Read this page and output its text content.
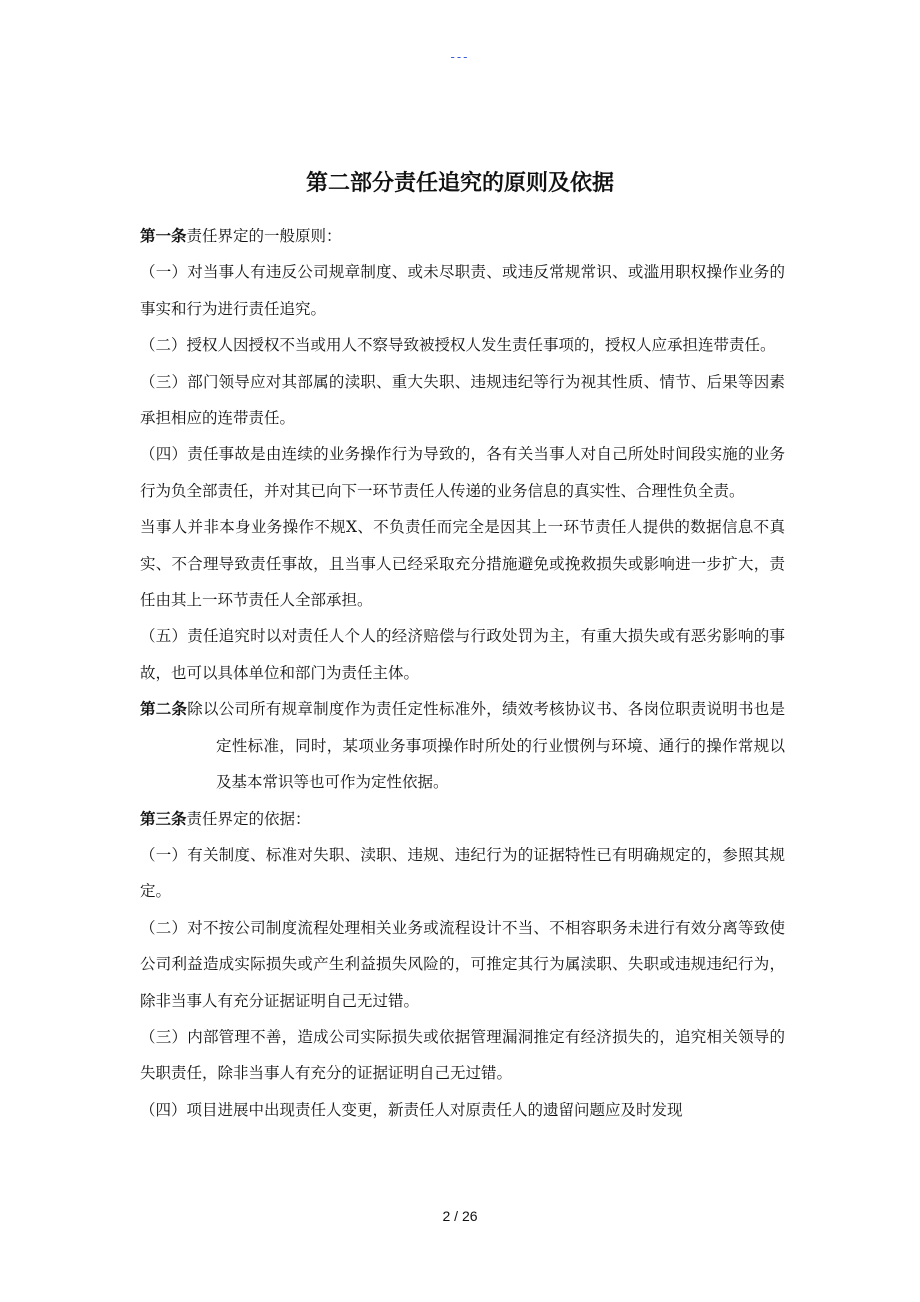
---
第二部分责任追究的原则及依据

第一条责任界定的一般原则：

（一）对当事人有违反公司规章制度、或未尽职责、或违反常规常识、或滥用职权操作业务的事实和行为进行责任追究。

（二）授权人因授权不当或用人不察导致被授权人发生责任事项的，授权人应承担连带责任。

（三）部门领导应对其部属的渎职、重大失职、违规违纪等行为视其性质、情节、后果等因素承担相应的连带责任。

（四）责任事故是由连续的业务操作行为导致的，各有关当事人对自己所处时间段实施的业务行为负全部责任，并对其已向下一环节责任人传递的业务信息的真实性、合理性负全责。

当事人并非本身业务操作不规X、不负责任而完全是因其上一环节责任人提供的数据信息不真实、不合理导致责任事故，且当事人已经采取充分措施避免或挽救损失或影响进一步扩大，责任由其上一环节责任人全部承担。

（五）责任追究时以对责任人个人的经济赔偿与行政处罚为主，有重大损失或有恶劣影响的事故，也可以具体单位和部门为责任主体。

第二条除以公司所有规章制度作为责任定性标准外，绩效考核协议书、各岗位职责说明书也是定性标准，同时，某项业务事项操作时所处的行业惯例与环境、通行的操作常规以及基本常识等也可作为定性依据。

第三条责任界定的依据：

（一）有关制度、标准对失职、渎职、违规、违纪行为的证据特性已有明确规定的，参照其规定。

（二）对不按公司制度流程处理相关业务或流程设计不当、不相容职务未进行有效分离等致使公司利益造成实际损失或产生利益损失风险的，可推定其行为属渎职、失职或违规违纪行为，除非当事人有充分证据证明自己无过错。

（三）内部管理不善，造成公司实际损失或依据管理漏洞推定有经济损失的，追究相关领导的失职责任，除非当事人有充分的证据证明自己无过错。

（四）项目进展中出现责任人变更，新责任人对原责任人的遗留问题应及时发现

2 / 26
